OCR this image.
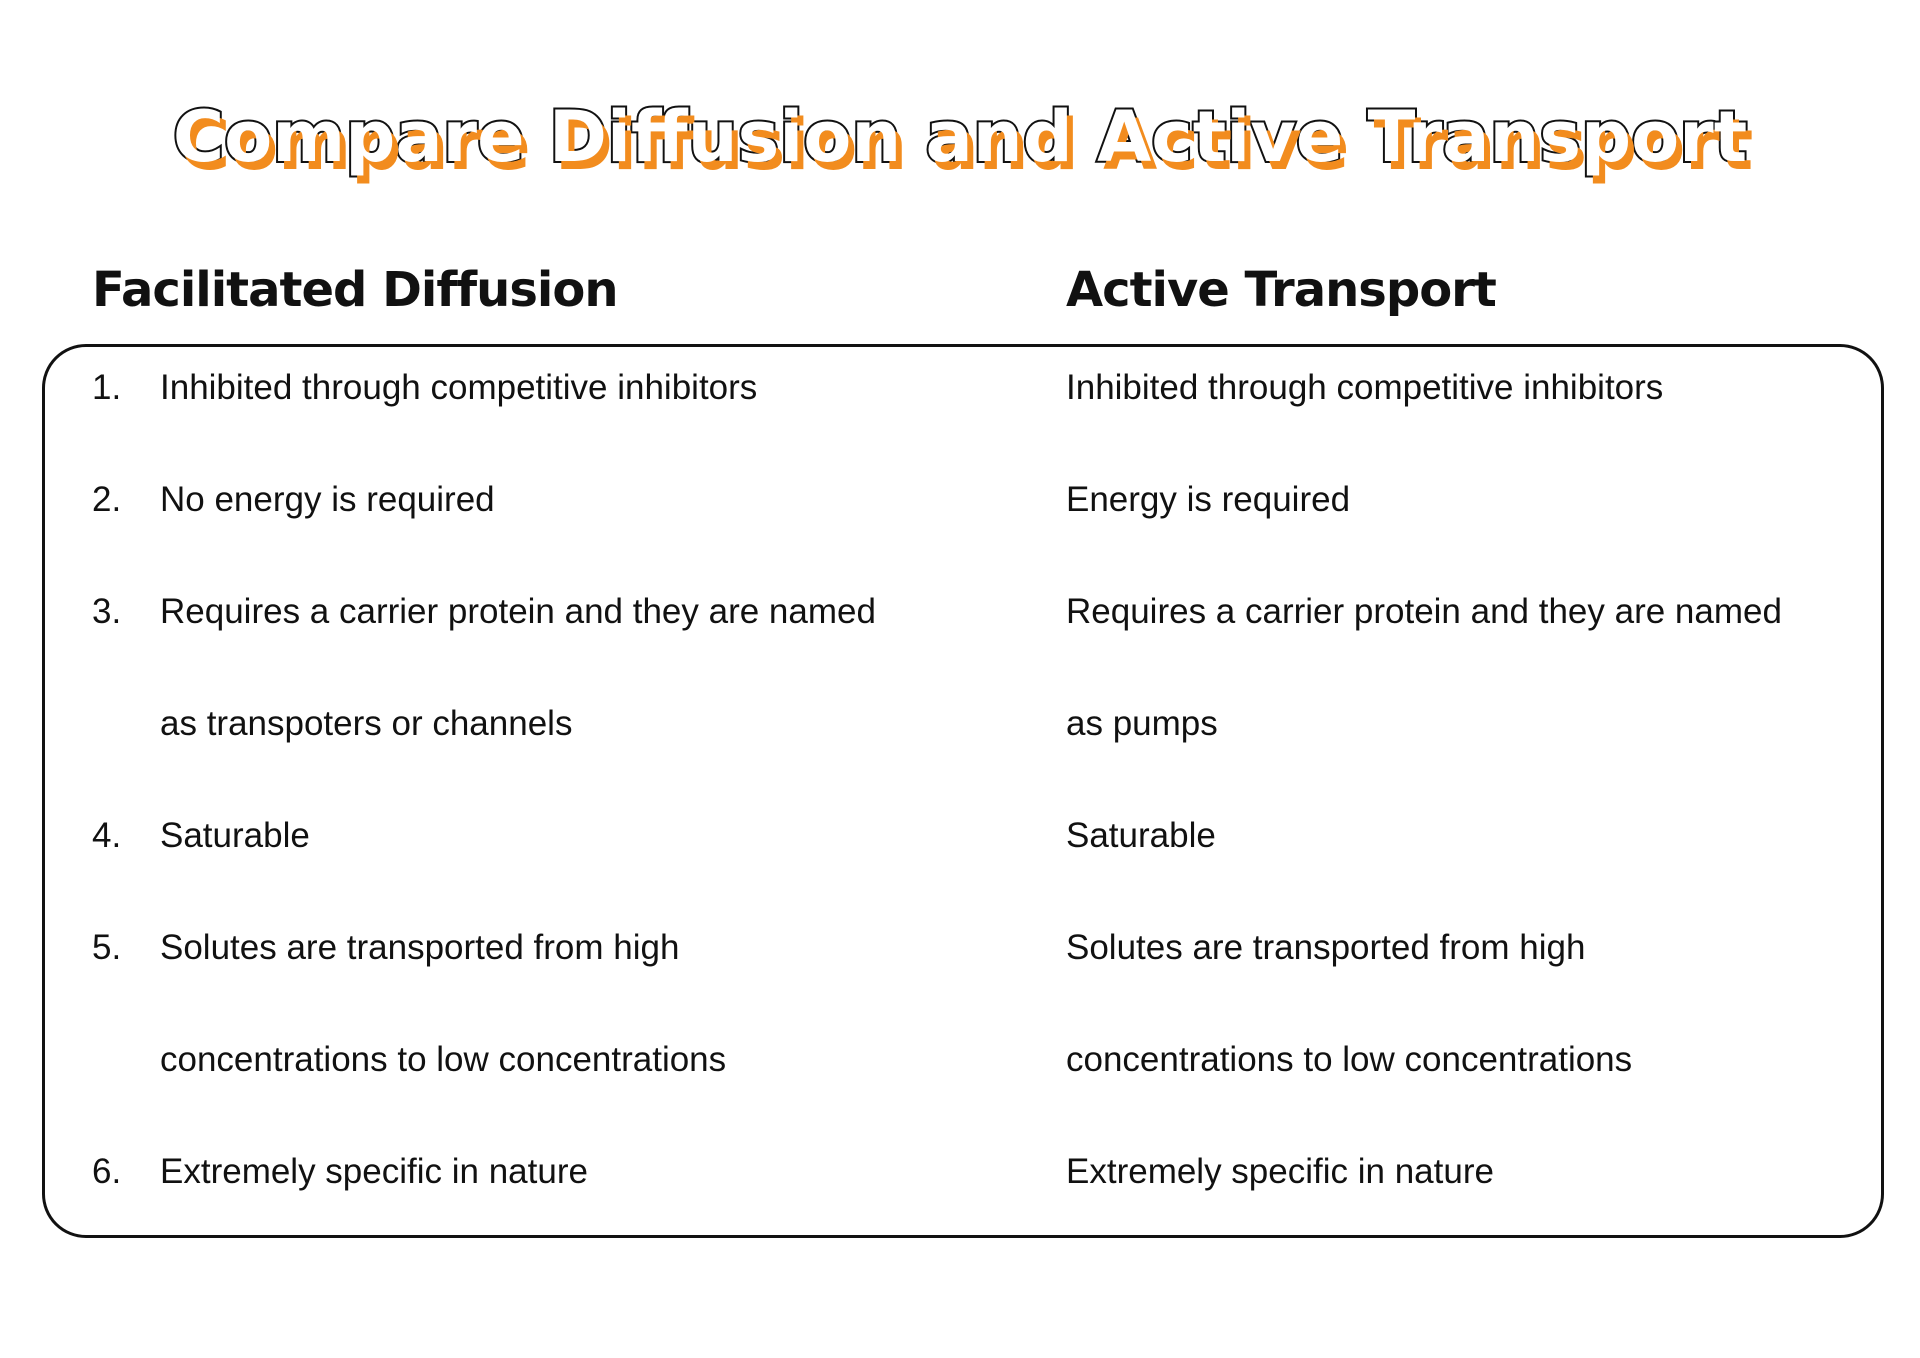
Compare Diffusion and Active Transport
Facilitated Diffusion	Active Transport
1. Inhibited through competitive inhibitors	Inhibited through competitive inhibitors
2. No energy is required	Energy is required
3. Requires a carrier protein and they are named	Requires a carrier protein and they are named
as transpoters or channels	as pumps
4. Saturable	Saturable
5. Solutes are transported from high	Solutes are transported from high
concentrations to low concentrations	concentrations to low concentrations
6. Extremely specific in nature	Extremely specific in nature
